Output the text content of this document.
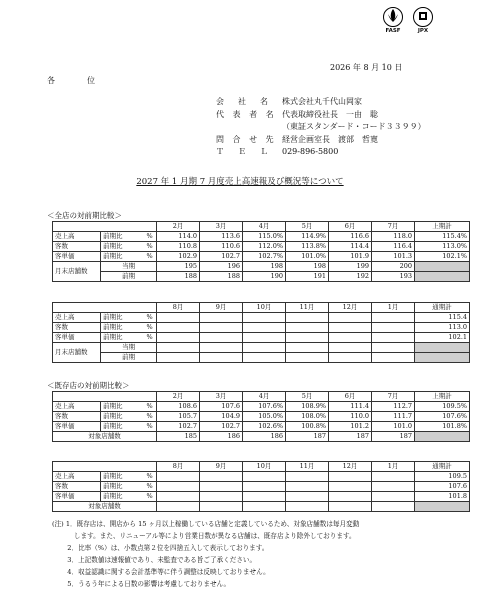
FASF	JPX
2026 年 8 月 10 日
各　位
会　社　名	株式会社丸千代山岡家
代 表 者 名 代表取締役社長　一由　聡
（東証スタンダード・コード３３９９）
問 合 せ 先 経営企画室長　渡部　哲寛
Ｔ　Ｅ　Ｌ	029-896-5800
2027 年 1 月期 7 月度売上高速報及び概況等について
＜全店の対前期比較＞
			2月	3月	4月	5月	6月	7月	上期計
売上高	前期比	%	114.0	113.6	115.0%	114.9%	116.6	118.0	115.4%
客数	前期比	%	110.8	110.6	112.0%	113.8%	114.4	116.4	113.0%
客単価	前期比	%	102.9	102.7	102.7%	101.0%	101.9	101.3	102.1%
月末店舗数	当期		195	196	198	198	199	200	
	前期		188	188	190	191	192	193	
			8月	9月	10月	11月	12月	1月	通期計
売上高	前期比	%							115.4
客数	前期比	%							113.0
客単価	前期比	%							102.1
月末店舗数	当期								
	前期								
＜既存店の対前期比較＞
			2月	3月	4月	5月	6月	7月	上期計
売上高	前期比	%	108.6	107.6	107.6%	108.9%	111.4	112.7	109.5%
客数	前期比	%	105.7	104.9	105.0%	108.0%	110.0	111.7	107.6%
客単価	前期比	%	102.7	102.7	102.6%	100.8%	101.2	101.0	101.8%
対象店舗数			185	186	186	187	187	187	
			8月	9月	10月	11月	12月	1月	通期計
売上高	前期比	%							109.5
客数	前期比	%							107.6
客単価	前期比	%							101.8
対象店舗数									
(注) 1．既存店は、開店から 15 ヶ月以上稼働している店舗と定義しているため、対象店舗数は毎月変動
　　　 します。また、リニューアル等により営業日数が異なる店舗は、既存店より除外しております。
　　 2．比率（%）は、小数点第２位を四捨五入して表示しております。
　　 3．上記数値は速報値であり、未監査である旨ご了承ください。
　　 4．収益認識に関する会計基準等に伴う調整は反映しておりません。
　　 5．うるう年による日数の影響は考慮しておりません。
